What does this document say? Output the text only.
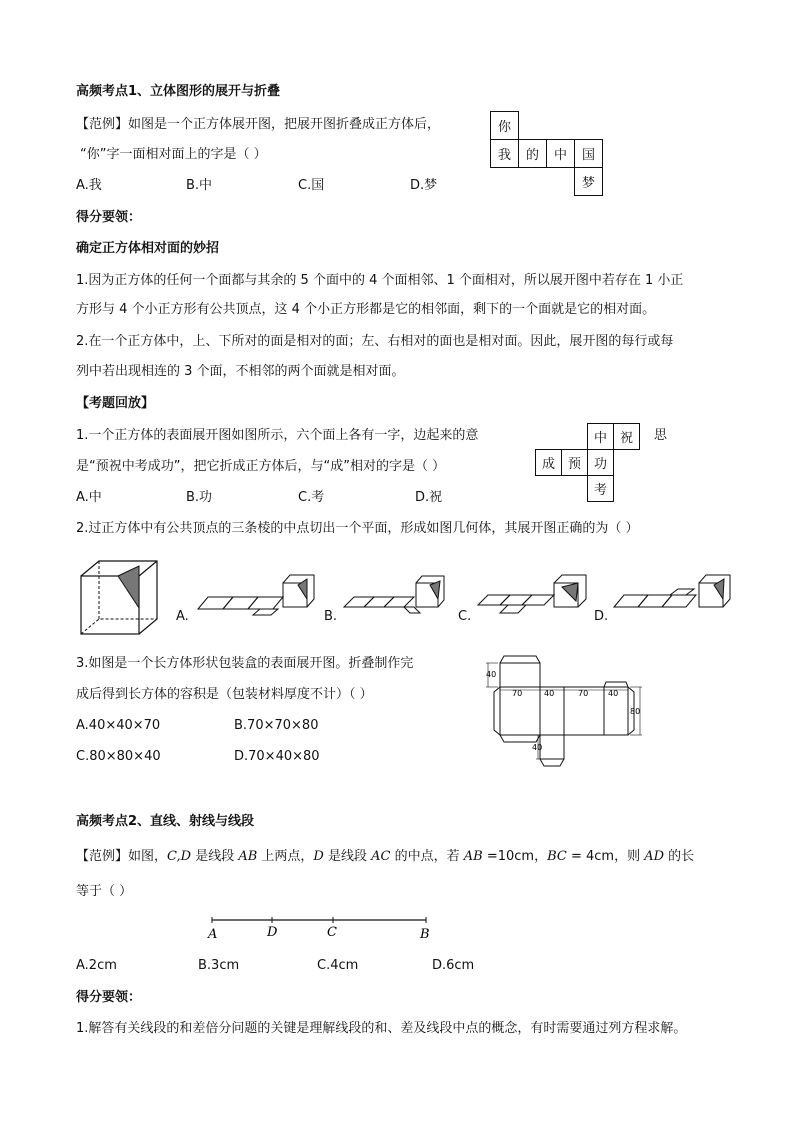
高频考点1、立体图形的展开与折叠
【范例】如图是一个正方体展开图，把展开图折叠成正方体后，
“你”字一面相对面上的字是（ ）
A.我	B.中	C.国	D.梦
你
我	的	中	国
梦
得分要领：
确定正方体相对面的妙招
1.因为正方体的任何一个面都与其余的 5 个面中的 4 个面相邻、1 个面相对，所以展开图中若存在 1 小正
方形与 4 个小正方形有公共顶点，这 4 个小正方形都是它的相邻面，剩下的一个面就是它的相对面。
2.在一个正方体中，上、下所对的面是相对的面；左、右相对的面也是相对面。因此，展开图的每行或每
列中若出现相连的 3 个面，不相邻的两个面就是相对面。
【考题回放】
1.一个正方体的表面展开图如图所示，六个面上各有一字，边起来的意
是“预祝中考成功”，把它折成正方体后，与“成”相对的字是（ ）
A.中	B.功	C.考	D.祝
中 祝	思
成 预 功
考
2.过正方体中有公共顶点的三条棱的中点切出一个平面，形成如图几何体，其展开图正确的为（ ）
A.	B.	C.	D.
3.如图是一个长方体形状包装盒的表面展开图。折叠制作完
成后得到长方体的容积是（包装材料厚度不计）（ ）
A.40×40×70	B.70×70×80
C.80×80×40	D.70×40×80
40
70	40	70 40
80
40
高频考点2、直线、射线与线段
【范例】如图，C,D 是线段 AB 上两点，D 是线段 AC 的中点，若 AB =10cm，BC = 4cm，则 AD 的长
等于（ ）
A	D	C	B
A.2cm	B.3cm	C.4cm	D.6cm
得分要领：
1.解答有关线段的和差倍分问题的关键是理解线段的和、差及线段中点的概念，有时需要通过列方程求解。
